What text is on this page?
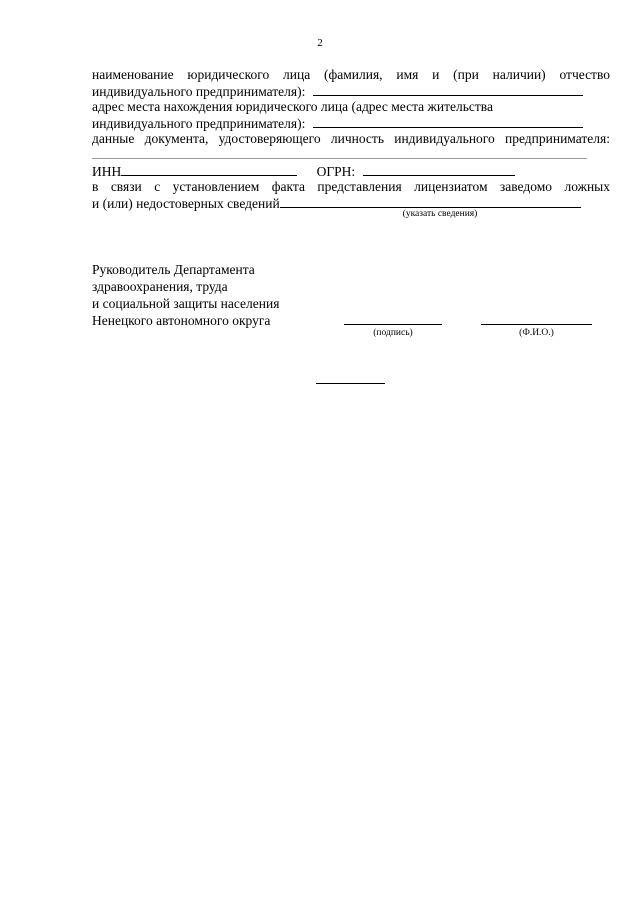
2
наименование юридического лица (фамилия, имя и (при наличии) отчество
индивидуального предпринимателя):
адрес места нахождения юридического лица (адрес места жительства
индивидуального предпринимателя):
данные документа, удостоверяющего личность индивидуального предпринимателя:
ИНН	ОГРН:
в связи с установлением факта представления лицензиатом заведомо ложных
и (или) недостоверных сведений
(указать сведения)
Руководитель Департамента
здравоохранения, труда
и социальной защиты населения
Ненецкого автономного округа
(подпись)	(Ф.И.О.)
